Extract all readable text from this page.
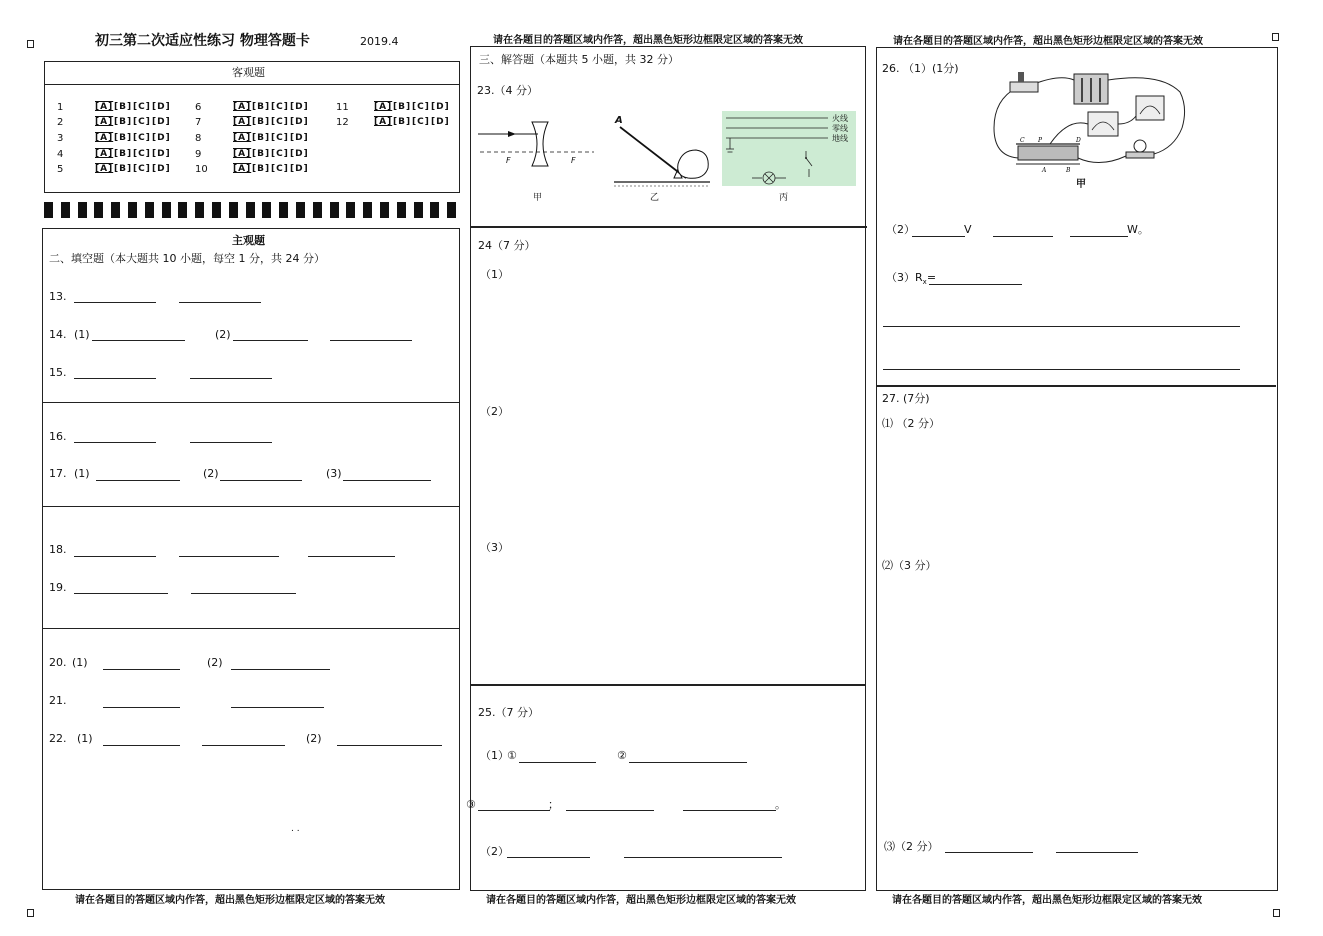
初三第二次适应性练习 物理答题卡	2019.4	请在各题目的答题区域内作答，超出黑色矩形边框限定区域的答案无效	请在各题目的答题区域内作答，超出黑色矩形边框限定区域的答案无效
客观题
1	[A] [B] [C] [D]
2	[A] [B] [C] [D]
3	[A] [B] [C] [D]
4	[A] [B] [C] [D]
5	[A] [B] [C] [D]
6	[A] [B] [C] [D]
7	[A] [B] [C] [D]
8	[A] [B] [C] [D]
9	[A] [B] [C] [D]
10	[A] [B] [C] [D]
11	[A] [B] [C] [D]
12	[A] [B] [C] [D]
主观题
二、填空题（本大题共 10 小题，每空 1 分，共 24 分）
13.
14. (1)	(2)
15.
16.
17. (1)	(2)	(3)
18.
19.
20. (1)	(2)
21.
22. (1)	(2)
. .
请在各题目的答题区域内作答，超出黑色矩形边框限定区域的答案无效
三、解答题（本题共 5 小题，共 32 分）
23.（4 分）
F	F
甲
A
乙
火线
零线
地线
丙
24（7 分）
（1）
（2）
（3）
25.（7 分）
（1）
①	②
③	；	。
（2）
请在各题目的答题区域内作答，超出黑色矩形边框限定区域的答案无效
26. （1）(1分)
C P	D
A	B
甲
（2）	V	W。
$(3)R_x=$
27. (7分)
⑴ （2 分）
⑵（3 分）
⑶（2 分）
请在各题目的答题区域内作答，超出黑色矩形边框限定区域的答案无效
